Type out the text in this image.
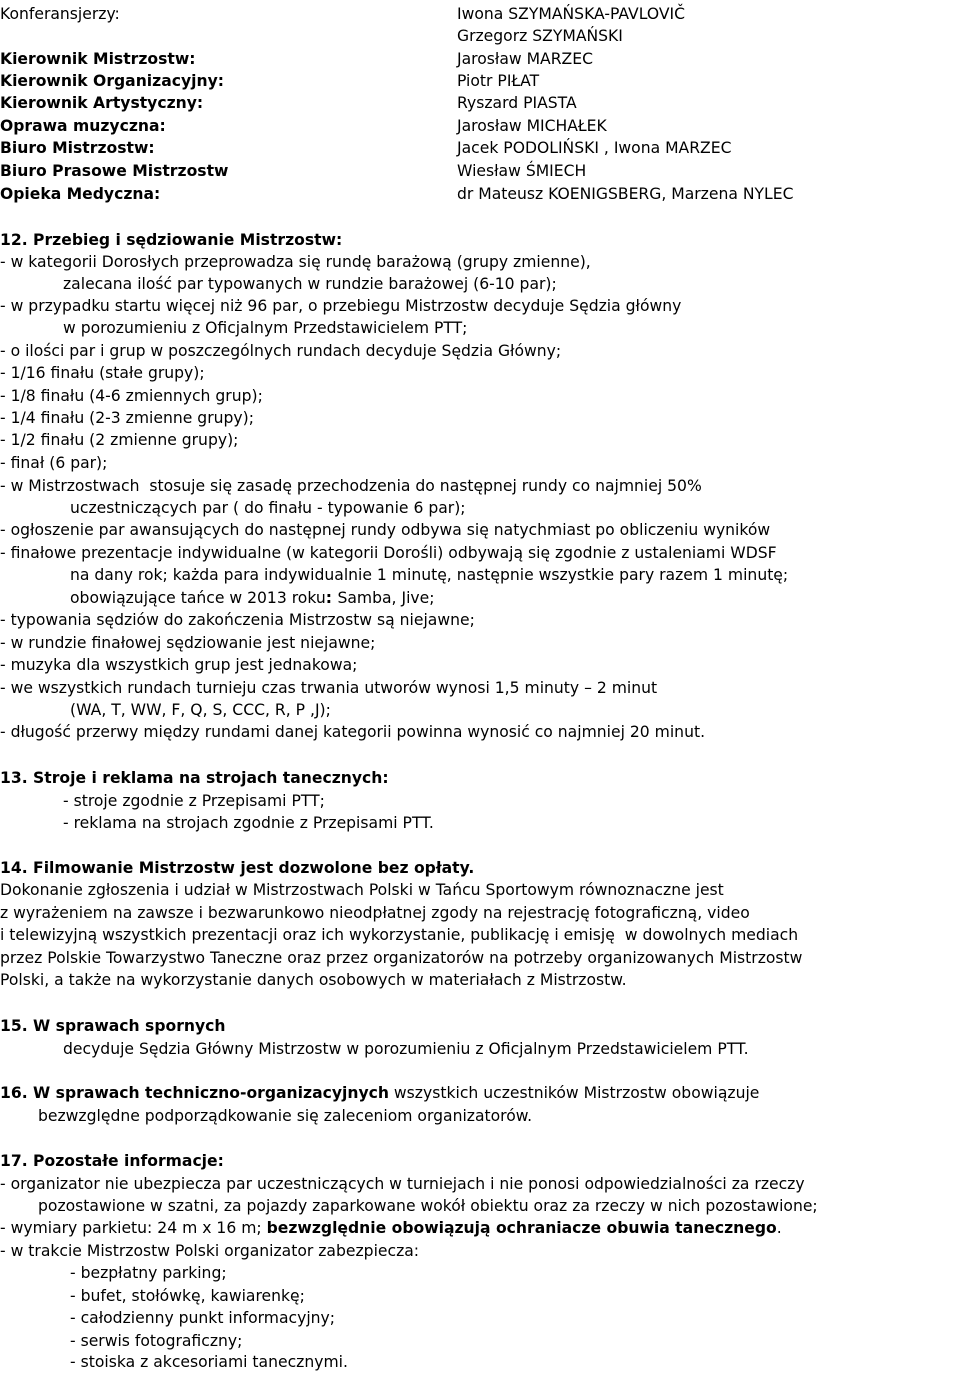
Konferansjerzy:	Iwona SZYMAŃSKA-PAVLOVIČ
Grzegorz SZYMAŃSKI
Kierownik Mistrzostw:	Jarosław MARZEC
Kierownik Organizacyjny:	Piotr PIŁAT
Kierownik Artystyczny:	Ryszard PIASTA
Oprawa muzyczna:	Jarosław MICHAŁEK
Biuro Mistrzostw:	Jacek PODOLIŃSKI , Iwona MARZEC
Biuro Prasowe Mistrzostw	Wiesław ŚMIECH
Opieka Medyczna:	dr Mateusz KOENIGSBERG, Marzena NYLEC
12. Przebieg i sędziowanie Mistrzostw:
- w kategorii Dorosłych przeprowadza się rundę barażową (grupy zmienne),
zalecana ilość par typowanych w rundzie barażowej (6-10 par);
- w przypadku startu więcej niż 96 par, o przebiegu Mistrzostw decyduje Sędzia główny
w porozumieniu z Oficjalnym Przedstawicielem PTT;
- o ilości par i grup w poszczególnych rundach decyduje Sędzia Główny;
- 1/16 finału (stałe grupy);
- 1/8 finału (4-6 zmiennych grup);
- 1/4 finału (2-3 zmienne grupy);
- 1/2 finału (2 zmienne grupy);
- finał (6 par);
- w Mistrzostwach  stosuje się zasadę przechodzenia do następnej rundy co najmniej 50%
uczestniczących par ( do finału - typowanie 6 par);
- ogłoszenie par awansujących do następnej rundy odbywa się natychmiast po obliczeniu wyników
- finałowe prezentacje indywidualne (w kategorii Dorośli) odbywają się zgodnie z ustaleniami WDSF
na dany rok; każda para indywidualnie 1 minutę, następnie wszystkie pary razem 1 minutę;
obowiązujące tańce w 2013 roku: Samba, Jive;
- typowania sędziów do zakończenia Mistrzostw są niejawne;
- w rundzie finałowej sędziowanie jest niejawne;
- muzyka dla wszystkich grup jest jednakowa;
- we wszystkich rundach turnieju czas trwania utworów wynosi 1,5 minuty – 2 minut
(WA, T, WW, F, Q, S, CCC, R, P ,J);
- długość przerwy między rundami danej kategorii powinna wynosić co najmniej 20 minut.
13. Stroje i reklama na strojach tanecznych:
- stroje zgodnie z Przepisami PTT;
- reklama na strojach zgodnie z Przepisami PTT.
14. Filmowanie Mistrzostw jest dozwolone bez opłaty.
Dokonanie zgłoszenia i udział w Mistrzostwach Polski w Tańcu Sportowym równoznaczne jest
z wyrażeniem na zawsze i bezwarunkowo nieodpłatnej zgody na rejestrację fotograficzną, video
i telewizyjną wszystkich prezentacji oraz ich wykorzystanie, publikację i emisję  w dowolnych mediach
przez Polskie Towarzystwo Taneczne oraz przez organizatorów na potrzeby organizowanych Mistrzostw
Polski, a także na wykorzystanie danych osobowych w materiałach z Mistrzostw.
15. W sprawach spornych
decyduje Sędzia Główny Mistrzostw w porozumieniu z Oficjalnym Przedstawicielem PTT.
16. W sprawach techniczno-organizacyjnych wszystkich uczestników Mistrzostw obowiązuje
bezwzględne podporządkowanie się zaleceniom organizatorów.
17. Pozostałe informacje:
- organizator nie ubezpiecza par uczestniczących w turniejach i nie ponosi odpowiedzialności za rzeczy
pozostawione w szatni, za pojazdy zaparkowane wokół obiektu oraz za rzeczy w nich pozostawione;
- wymiary parkietu: 24 m x 16 m; bezwzględnie obowiązują ochraniacze obuwia tanecznego.
- w trakcie Mistrzostw Polski organizator zabezpiecza:
- bezpłatny parking;
- bufet, stołówkę, kawiarenkę;
- całodzienny punkt informacyjny;
- serwis fotograficzny;
- stoiska z akcesoriami tanecznymi.
